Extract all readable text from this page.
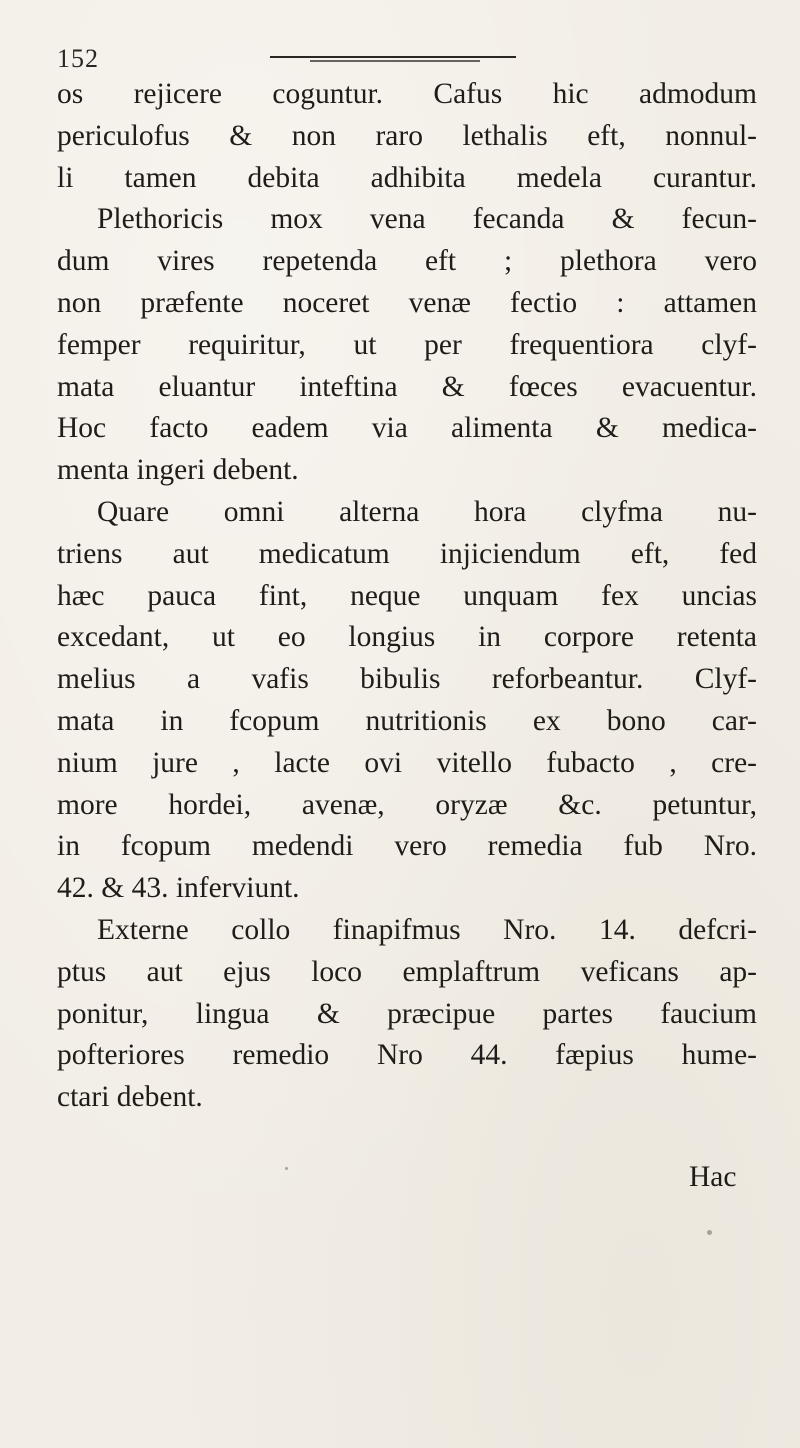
152
os rejicere coguntur. Cafus hic admodum
periculofus & non raro lethalis eft, nonnul-
li tamen debita adhibita medela curantur.
Plethoricis mox vena fecanda & fecun-
dum vires repetenda eft ; plethora vero
non præfente noceret venæ fectio : attamen
femper requiritur, ut per frequentiora clyf-
mata eluantur inteftina & fœces evacuentur.
Hoc facto eadem via alimenta & medica-
menta ingeri debent.
Quare omni alterna hora clyfma nu-
triens aut medicatum injiciendum eft, fed
hæc pauca fint, neque unquam fex uncias
excedant, ut eo longius in corpore retenta
melius a vafis bibulis reforbeantur. Clyf-
mata in fcopum nutritionis ex bono car-
nium jure , lacte ovi vitello fubacto , cre-
more hordei, avenæ, oryzæ &c. petuntur,
in fcopum medendi vero remedia fub Nro.
42. & 43. inferviunt.
Externe collo finapifmus Nro. 14. defcri-
ptus aut ejus loco emplaftrum veficans ap-
ponitur, lingua & præcipue partes faucium
pofteriores remedio Nro 44. fæpius hume-
ctari debent.
Hac
